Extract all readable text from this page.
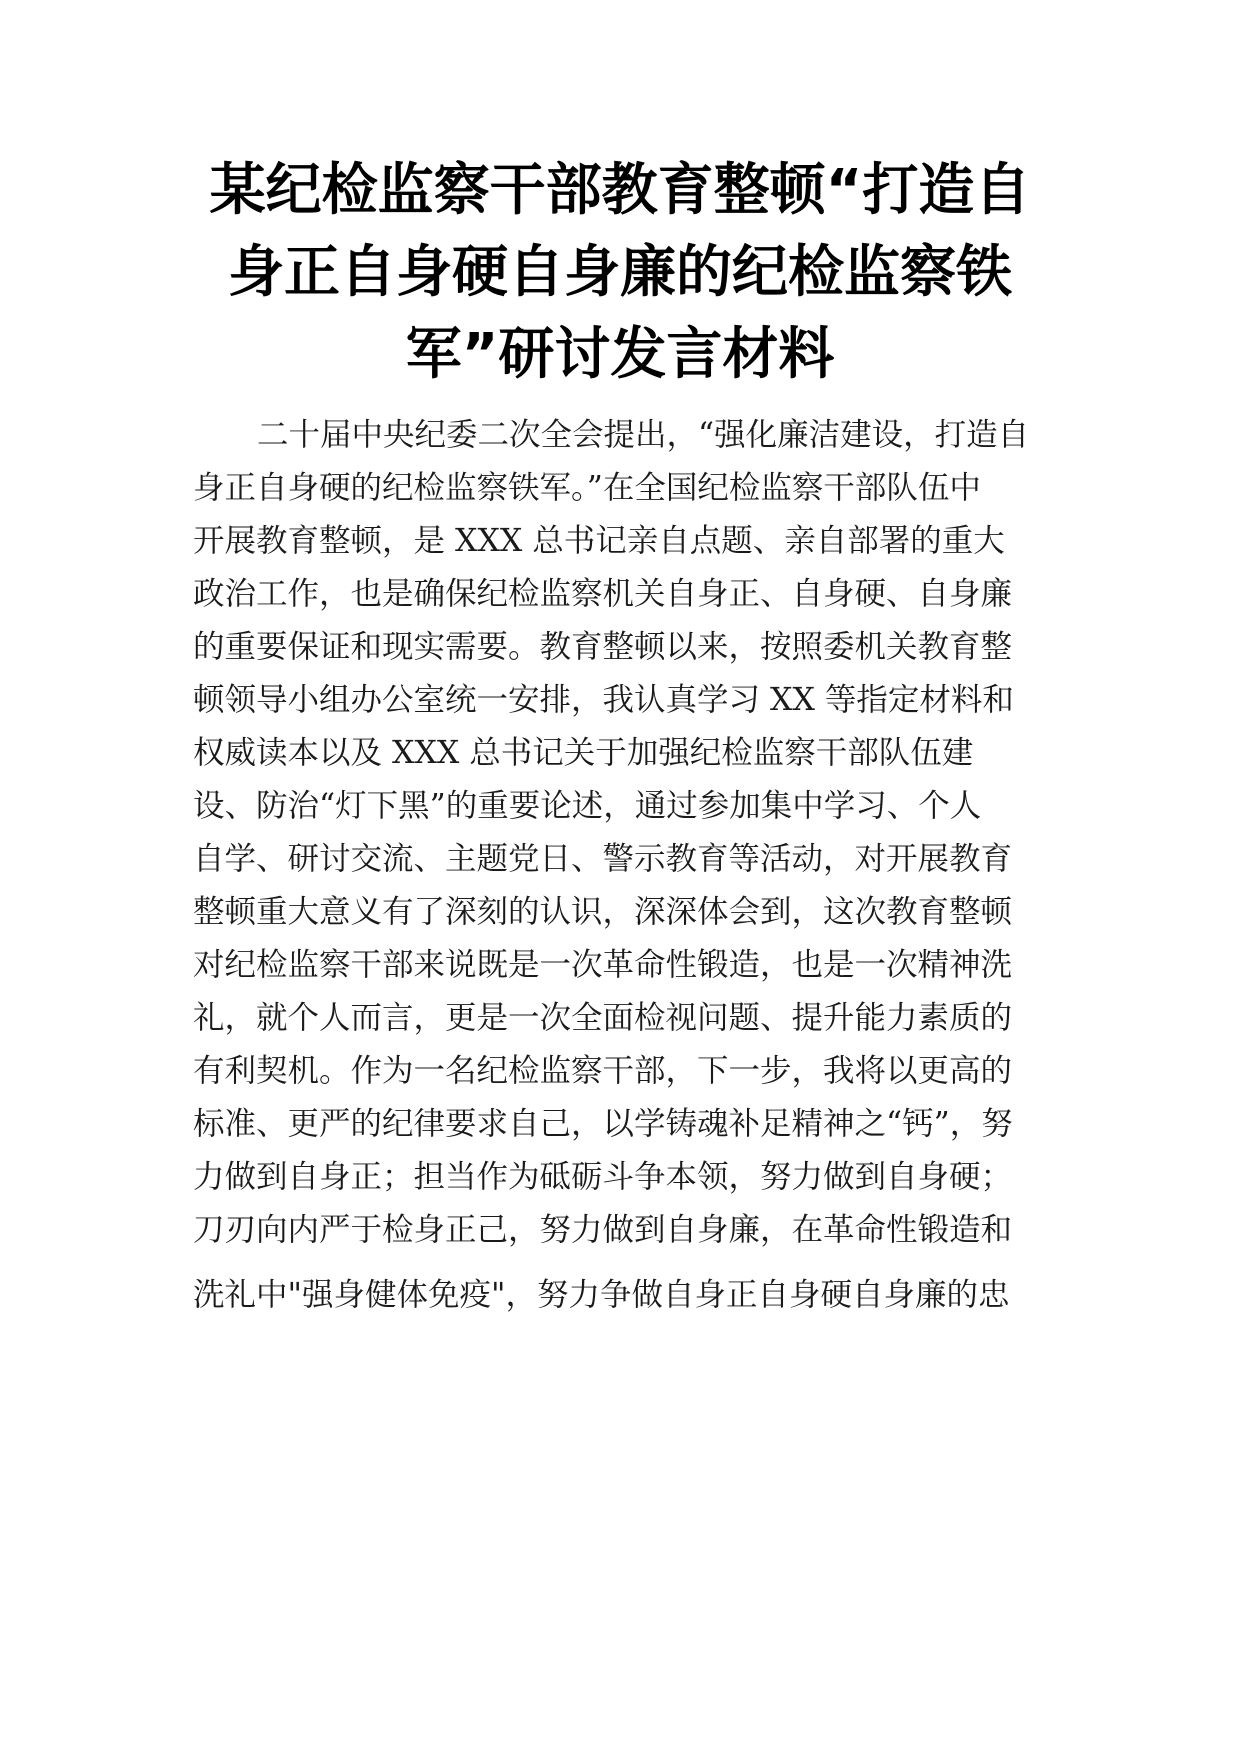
某纪检监察干部教育整顿“打造自
身正自身硬自身廉的纪检监察铁
军”研讨发言材料
二十届中央纪委二次全会提出，“强化廉洁建设，打造自
身正自身硬的纪检监察铁军。”在全国纪检监察干部队伍中
开展教育整顿，是 XXX 总书记亲自点题、亲自部署的重大
政治工作，也是确保纪检监察机关自身正、自身硬、自身廉
的重要保证和现实需要。教育整顿以来，按照委机关教育整
顿领导小组办公室统一安排，我认真学习 XX 等指定材料和
权威读本以及 XXX 总书记关于加强纪检监察干部队伍建
设、防治“灯下黑”的重要论述，通过参加集中学习、个人
自学、研讨交流、主题党日、警示教育等活动，对开展教育
整顿重大意义有了深刻的认识，深深体会到，这次教育整顿
对纪检监察干部来说既是一次革命性锻造，也是一次精神洗
礼，就个人而言，更是一次全面检视问题、提升能力素质的
有利契机。作为一名纪检监察干部，下一步，我将以更高的
标准、更严的纪律要求自己，以学铸魂补足精神之“钙”，努
力做到自身正；担当作为砥砺斗争本领，努力做到自身硬；
刀刃向内严于检身正己，努力做到自身廉，在革命性锻造和
洗礼中"强身健体免疫"，努力争做自身正自身硬自身廉的忠
